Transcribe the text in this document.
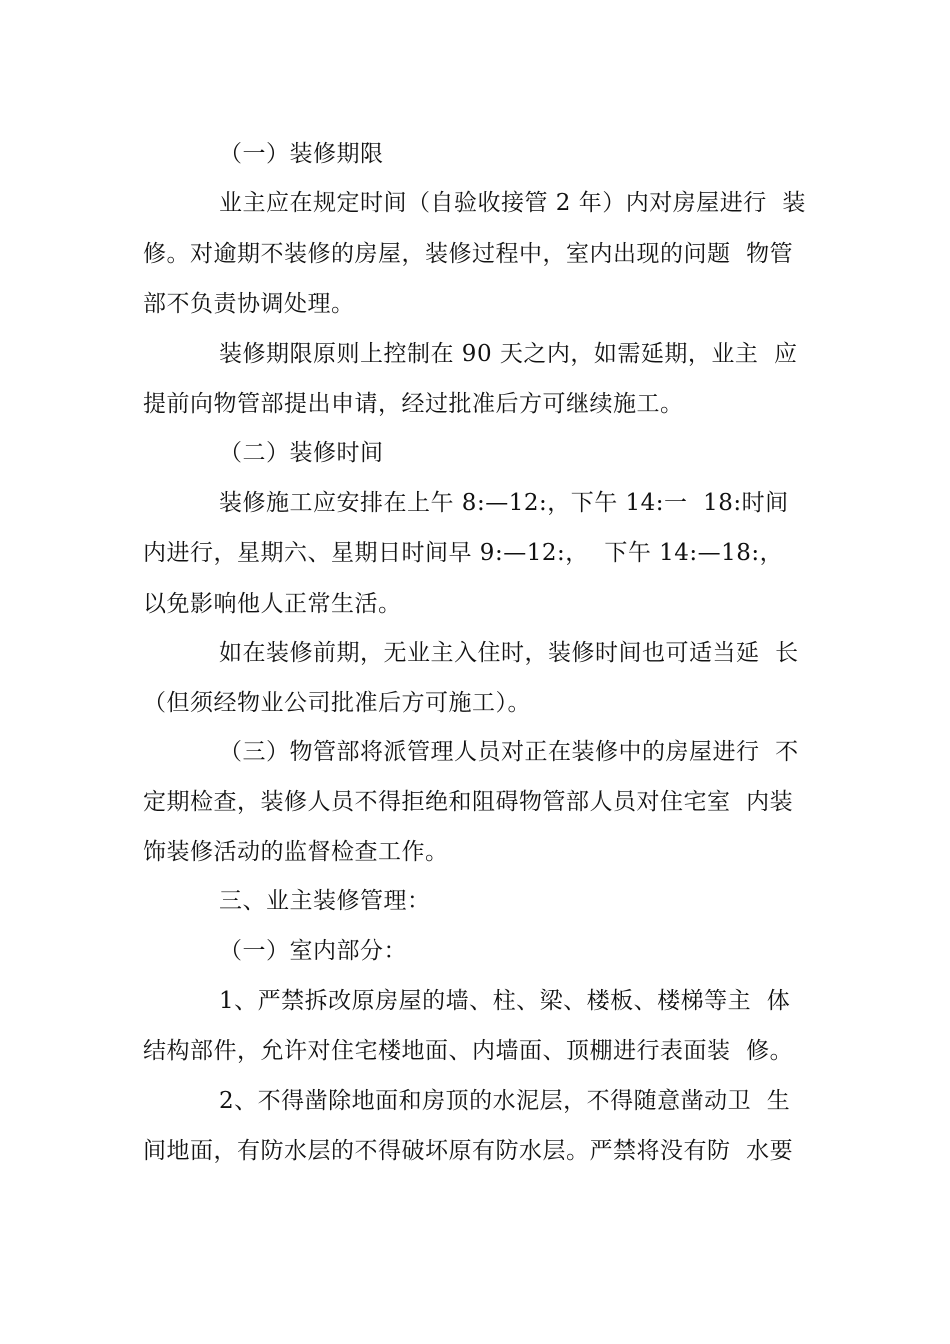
（一）装修期限
业主应在规定时间（自验收接管 2 年）内对房屋进行  装
修。对逾期不装修的房屋，装修过程中，室内出现的问题  物管
部不负责协调处理。
装修期限原则上控制在 90 天之内，如需延期，业主  应
提前向物管部提出申请，经过批准后方可继续施工。
（二）装修时间
装修施工应安排在上午 8:—12:，下午 14:一  18:时间
内进行，星期六、星期日时间早 9:—12:，  下午 14:—18:，
以免影响他人正常生活。
如在装修前期，无业主入住时，装修时间也可适当延  长
（但须经物业公司批准后方可施工）。
（三）物管部将派管理人员对正在装修中的房屋进行  不
定期检查，装修人员不得拒绝和阻碍物管部人员对住宅室  内装
饰装修活动的监督检查工作。
三、业主装修管理：
（一）室内部分：
1、严禁拆改原房屋的墙、柱、梁、楼板、楼梯等主  体
结构部件，允许对住宅楼地面、内墙面、顶棚进行表面装  修。
2、不得凿除地面和房顶的水泥层，不得随意凿动卫  生
间地面，有防水层的不得破坏原有防水层。严禁将没有防  水要
